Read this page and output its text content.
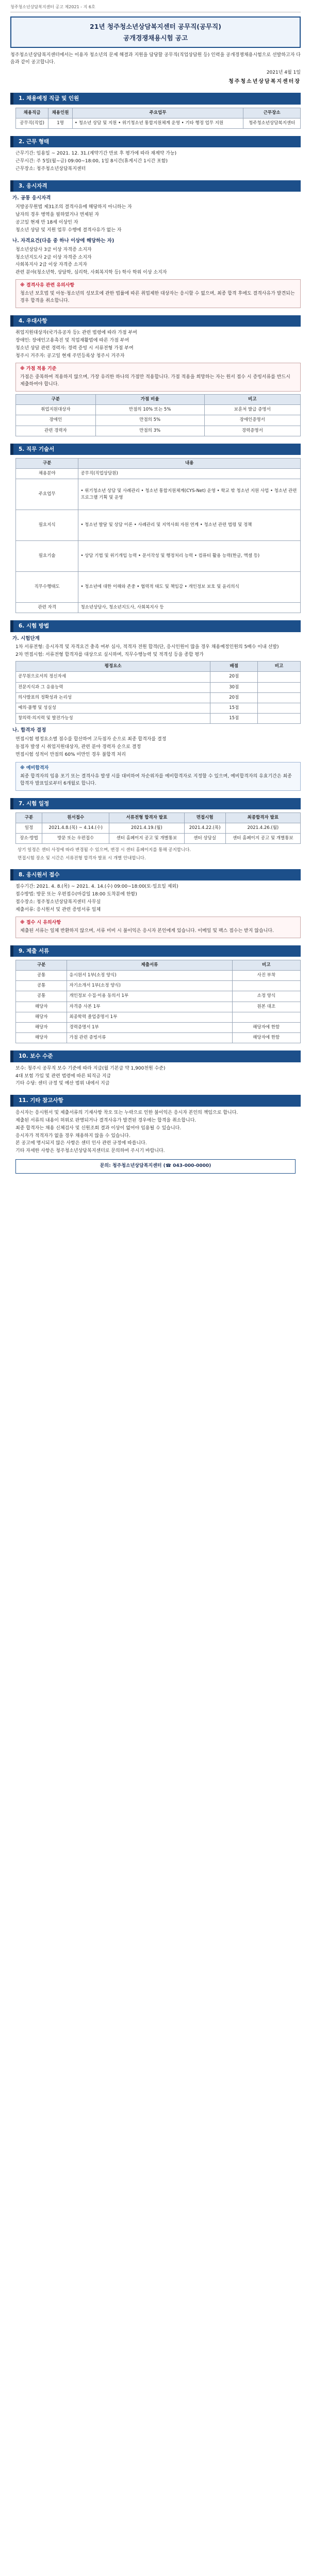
청주청소년상담복지센터 공고 제2021 - 지 6호
21년 청주청소년상담복지센터 공무직(공무직)
공개경쟁채용시험 공고

청주청소년상담복지센터에서는 이용자 청소년의 문제 해결과 지원을 담당할 공무직(직업상담원 등) 인력을 공개경쟁채용시험으로 선발하고자 다음과 같이 공고합니다.

2021년 4월 1일
청주청소년상담복지센터장
1. 채용예정 직급 및 인원
채용직급	채용인원	주요업무	근무장소
공무직(직업)	1명	• 청소년 상담 및 지원 • 위기청소년 통합지원체계 운영 • 기타 행정 업무 지원	청주청소년상담복지센터
2. 근무 형태

근무기간: 임용일 ~ 2021. 12. 31.(계약기간 만료 후 평가에 따라 재계약 가능)

근무시간: 주 5일(월~금) 09:00~18:00, 1일 8시간(휴게시간 1시간 포함)

근무장소: 청주청소년상담복지센터

3. 응시자격
가. 공통 응시자격

지방공무원법 제31조의 결격사유에 해당하지 아니하는 자

남자의 경우 병역을 필하였거나 면제된 자

공고일 현재 만 18세 이상인 자

청소년 상담 및 지원 업무 수행에 결격사유가 없는 자

나. 자격요건(다음 중 하나 이상에 해당하는 자)

청소년상담사 3급 이상 자격증 소지자

청소년지도사 2급 이상 자격증 소지자

사회복지사 2급 이상 자격증 소지자

관련 분야(청소년학, 상담학, 심리학, 사회복지학 등) 학사 학위 이상 소지자

※ 결격사유 관련 유의사항
청소년 보호법 및 아동·청소년의 성보호에 관한 법률에 따른 취업제한 대상자는 응시할 수 없으며, 최종 합격 후에도 결격사유가 발견되는 경우 합격을 취소합니다.
4. 우대사항

취업지원대상자(국가유공자 등): 관련 법령에 따라 가점 부여

장애인: 장애인고용촉진 및 직업재활법에 따른 가점 부여

청소년 상담 관련 경력자: 경력 증빙 시 서류전형 가점 부여

청주시 거주자: 공고일 현재 주민등록상 청주시 거주자

※ 가점 적용 기준
가점은 중복하여 적용하지 않으며, 가장 유리한 하나의 가점만 적용합니다. 가점 적용을 희망하는 자는 원서 접수 시 증빙서류를 반드시 제출하여야 합니다.
구분	가점 비율	비고
취업지원대상자	만점의 10% 또는 5%	보훈처 발급 증명서
장애인	만점의 5%	장애인증명서
관련 경력자	만점의 3%	경력증명서
5. 직무 기술서
구분	내용
채용분야	공무직(직업상담원)
주요업무	• 위기청소년 상담 및 사례관리 • 청소년 통합지원체계(CYS-Net) 운영 • 학교 밖 청소년 지원 사업 • 청소년 관련 프로그램 기획 및 운영
필요지식	• 청소년 발달 및 상담 이론 • 사례관리 및 지역사회 자원 연계 • 청소년 관련 법령 및 정책
필요기술	• 상담 기법 및 위기개입 능력 • 문서작성 및 행정처리 능력 • 컴퓨터 활용 능력(한글, 엑셀 등)
직무수행태도	• 청소년에 대한 이해와 존중 • 협력적 태도 및 책임감 • 개인정보 보호 및 윤리의식
관련 자격	청소년상담사, 청소년지도사, 사회복지사 등
6. 시험 방법
가. 시험단계

1차 서류전형: 응시자격 및 자격요건 충족 여부 심사, 적격자 전원 합격(단, 응시인원이 많을 경우 채용예정인원의 5배수 이내 선발)

2차 면접시험: 서류전형 합격자를 대상으로 실시하며, 직무수행능력 및 적격성 등을 종합 평가

평정요소	배점	비고
공무원으로서의 정신자세	20점	
전문지식과 그 응용능력	30점	
의사발표의 정확성과 논리성	20점	
예의·품행 및 성실성	15점	
창의력·의지력 및 발전가능성	15점	
나. 합격자 결정

면접시험 평정요소별 점수를 합산하여 고득점자 순으로 최종 합격자를 결정

동점자 발생 시 취업지원대상자, 관련 분야 경력자 순으로 결정

면접시험 성적이 만점의 60% 미만인 경우 불합격 처리

※ 예비합격자
최종 합격자의 임용 포기 또는 결격사유 발생 시를 대비하여 차순위자를 예비합격자로 지정할 수 있으며, 예비합격자의 유효기간은 최종 합격자 발표일로부터 6개월로 합니다.
7. 시험 일정
구분	원서접수	서류전형 합격자 발표	면접시험	최종합격자 발표
일정	2021.4.8.(목) ~ 4.14.(수)	2021.4.19.(월)	2021.4.22.(목)	2021.4.26.(월)
장소·방법	방문 또는 우편접수	센터 홈페이지 공고 및 개별통보	센터 상담실	센터 홈페이지 공고 및 개별통보

상기 일정은 센터 사정에 따라 변경될 수 있으며, 변경 시 센터 홈페이지를 통해 공지합니다.

면접시험 장소 및 시간은 서류전형 합격자 발표 시 개별 안내합니다.

8. 응시원서 접수

접수기간: 2021. 4. 8.(목) ~ 2021. 4. 14.(수) 09:00~18:00(토·일요일 제외)

접수방법: 방문 또는 우편접수(마감일 18:00 도착분에 한함)

접수장소: 청주청소년상담복지센터 사무실

제출서류: 응시원서 및 관련 증빙서류 일체

※ 접수 시 유의사항
제출된 서류는 일체 반환하지 않으며, 서류 미비 시 불이익은 응시자 본인에게 있습니다. 이메일 및 팩스 접수는 받지 않습니다.
9. 제출 서류
구분	제출서류	비고
공통	응시원서 1부(소정 양식)	사진 부착
공통	자기소개서 1부(소정 양식)	
공통	개인정보 수집·이용 동의서 1부	소정 양식
해당자	자격증 사본 1부	원본 대조
해당자	최종학력 졸업증명서 1부	
해당자	경력증명서 1부	해당자에 한함
해당자	가점 관련 증빙서류	해당자에 한함
10. 보수 수준

보수: 청주시 공무직 보수 기준에 따라 지급(월 기본급 약 1,900천원 수준)

4대 보험 가입 및 관련 법령에 따른 퇴직금 지급

기타 수당: 센터 규정 및 예산 범위 내에서 지급

11. 기타 참고사항

응시자는 응시원서 및 제출서류의 기재사항 착오 또는 누락으로 인한 불이익은 응시자 본인의 책임으로 합니다.

제출된 서류의 내용이 허위로 판명되거나 결격사유가 발견된 경우에는 합격을 취소합니다.

최종 합격자는 채용 신체검사 및 신원조회 결과 이상이 없어야 임용될 수 있습니다.

응시자가 적격자가 없을 경우 채용하지 않을 수 있습니다.

본 공고에 명시되지 않은 사항은 센터 인사 관련 규정에 따릅니다.

기타 자세한 사항은 청주청소년상담복지센터로 문의하여 주시기 바랍니다.

문의: 청주청소년상담복지센터 (☎ 043-000-0000)
